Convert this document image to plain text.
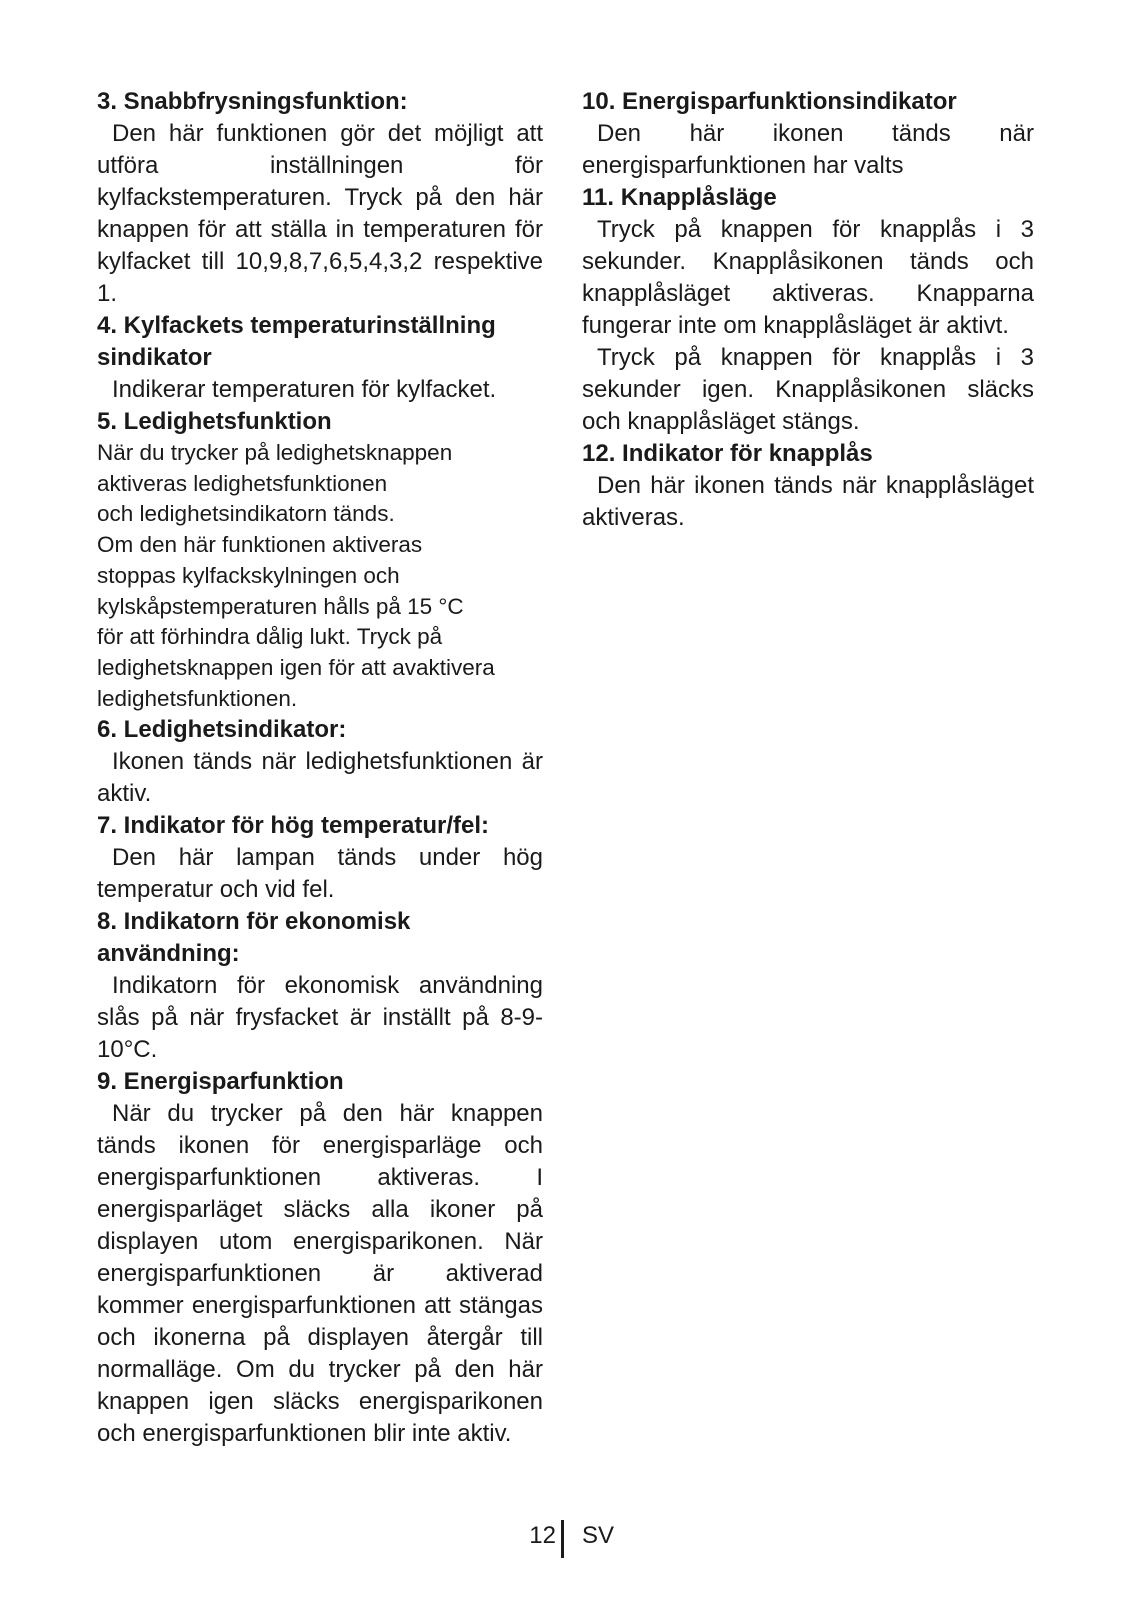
3. Snabbfrysningsfunktion:
Den här funktionen gör det möjligt att utföra inställningen för kylfackstemperaturen. Tryck på den här knappen för att ställa in temperaturen för kylfacket till 10,9,8,7,6,5,4,3,2 respektive 1.
4. Kylfackets temperaturinställning sindikator
Indikerar temperaturen för kylfacket.
5. Ledighetsfunktion
När du trycker på ledighetsknappen
aktiveras ledighetsfunktionen
och ledighetsindikatorn tänds.
Om den här funktionen aktiveras
stoppas kylfackskylningen och
kylskåpstemperaturen hålls på 15 °C
för att förhindra dålig lukt. Tryck på
ledighetsknappen igen för att avaktivera
ledighetsfunktionen.
6. Ledighetsindikator:
Ikonen tänds när ledighetsfunktionen är aktiv.
7. Indikator för hög temperatur/fel:
Den här lampan tänds under hög temperatur och vid fel.
8. Indikatorn för ekonomisk användning:
Indikatorn för ekonomisk användning slås på när frysfacket är inställt på 8-9-10°C.
9. Energisparfunktion
När du trycker på den här knappen tänds ikonen för energisparläge och energisparfunktionen aktiveras. I energisparläget släcks alla ikoner på displayen utom energisparikonen. När energisparfunktionen är aktiverad kommer energisparfunktionen att stängas och ikonerna på displayen återgår till normalläge. Om du trycker på den här knappen igen släcks energisparikonen och energisparfunktionen blir inte aktiv.
10. Energisparfunktionsindikator
Den här ikonen tänds när energisparfunktionen har valts
11. Knapplåsläge
Tryck på knappen för knapplås i 3 sekunder. Knapplåsikonen tänds och knapplåsläget aktiveras. Knapparna fungerar inte om knapplåsläget är aktivt.
Tryck på knappen för knapplås i 3 sekunder igen. Knapplåsikonen släcks och knapplåsläget stängs.
12. Indikator för knapplås
Den här ikonen tänds när knapplåsläget aktiveras.
12 SV
